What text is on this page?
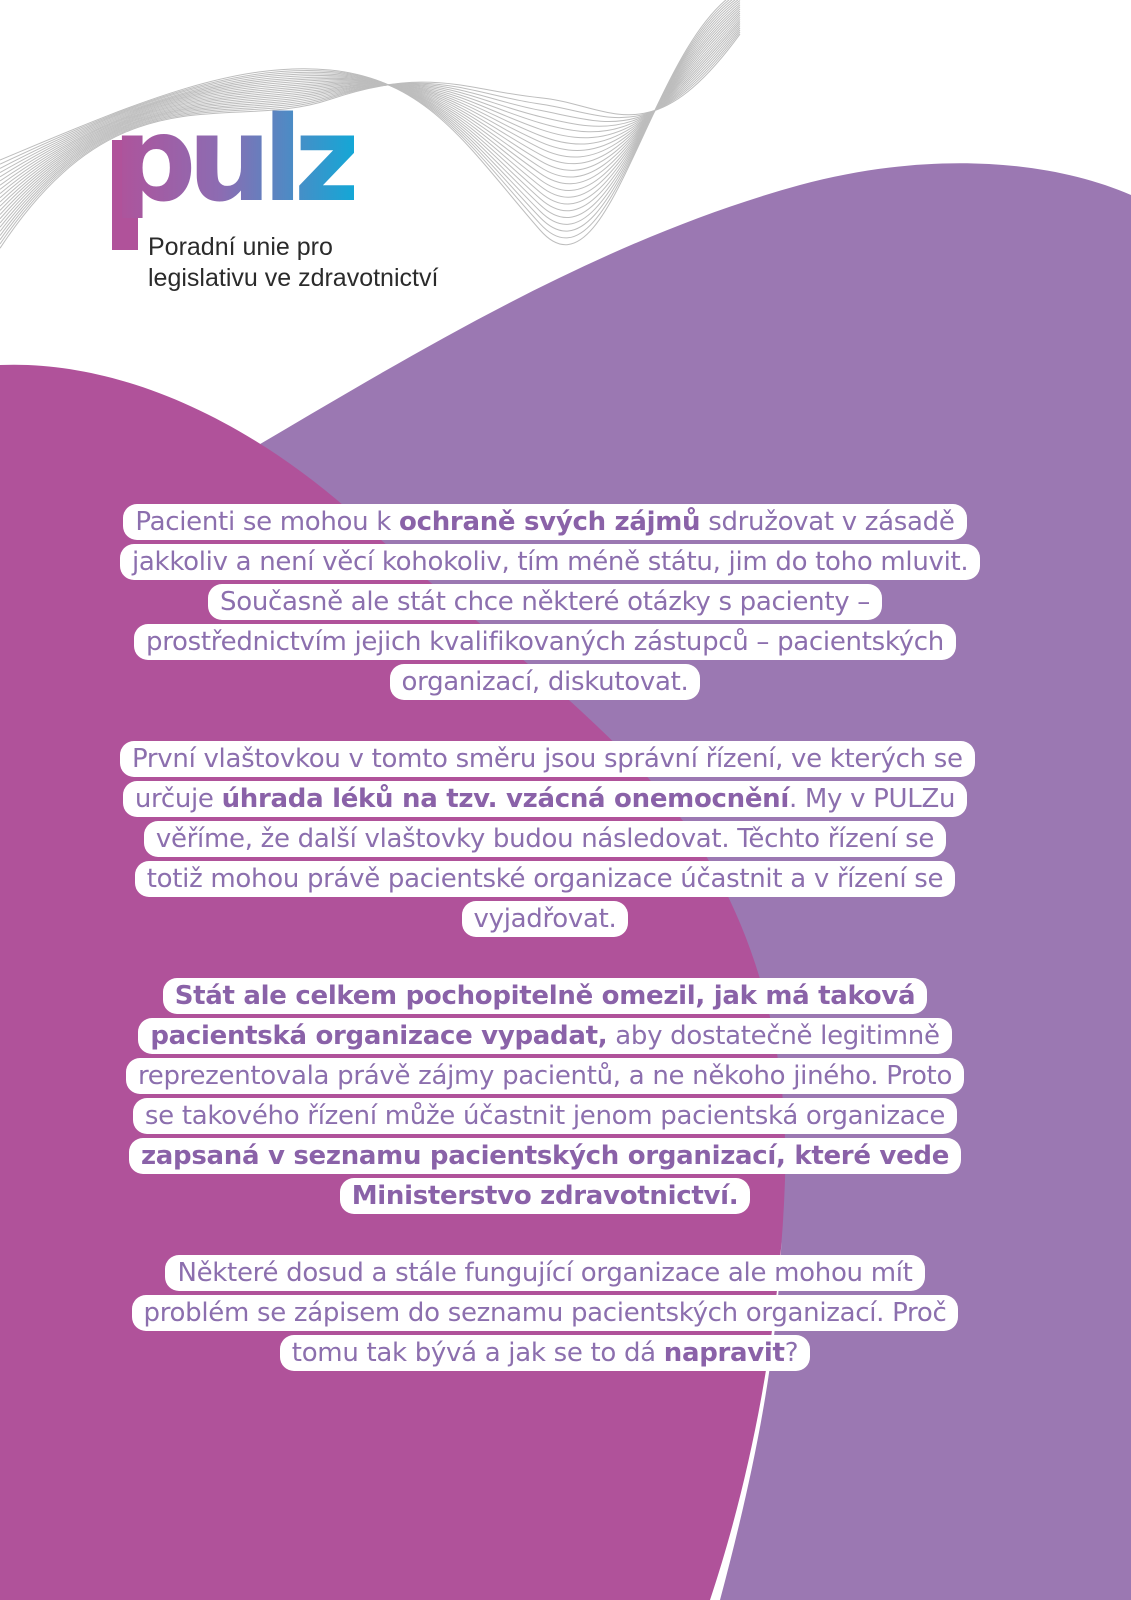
pulz
Poradní unie pro
legislativu ve zdravotnictví

Pacienti se mohou k ochraně svých zájmů sdružovat v zásadě jakkoliv a není věcí kohokoliv, tím méně státu, jim do toho mluvit. Současně ale stát chce některé otázky s pacienty – prostřednictvím jejich kvalifikovaných zástupců – pacientských organizací, diskutovat.

První vlaštovkou v tomto směru jsou správní řízení, ve kterých se určuje úhrada léků na tzv. vzácná onemocnění. My v PULZu věříme, že další vlaštovky budou následovat. Těchto řízení se totiž mohou právě pacientské organizace účastnit a v řízení se vyjadřovat.

Stát ale celkem pochopitelně omezil, jak má taková pacientská organizace vypadat, aby dostatečně legitimně reprezentovala právě zájmy pacientů, a ne někoho jiného. Proto se takového řízení může účastnit jenom pacientská organizace zapsaná v seznamu pacientských organizací, které vede Ministerstvo zdravotnictví.

Některé dosud a stále fungující organizace ale mohou mít problém se zápisem do seznamu pacientských organizací. Proč tomu tak bývá a jak se to dá napravit?
